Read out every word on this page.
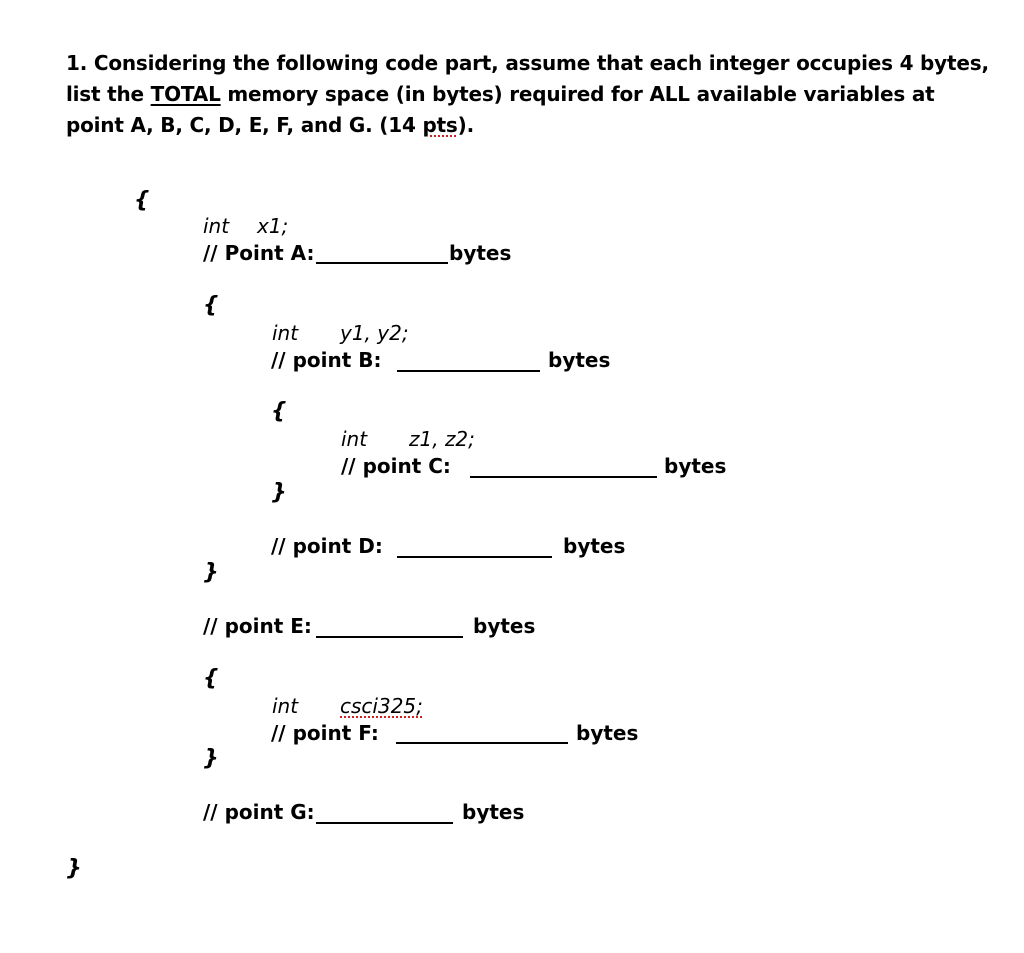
1. Considering the following code part, assume that each integer occupies 4 bytes,
list the TOTAL memory space (in bytes) required for ALL available variables at
point A, B, C, D, E, F, and G. (14 pts).
{
int x1;
// Point A:	bytes
{
int y1, y2;
// point B:	bytes
{
int z1, z2;
// point C:	bytes
}
// point D:	bytes
}
// point E:	bytes
{
int csci325;
// point F:	bytes
}
// point G:	bytes
}
